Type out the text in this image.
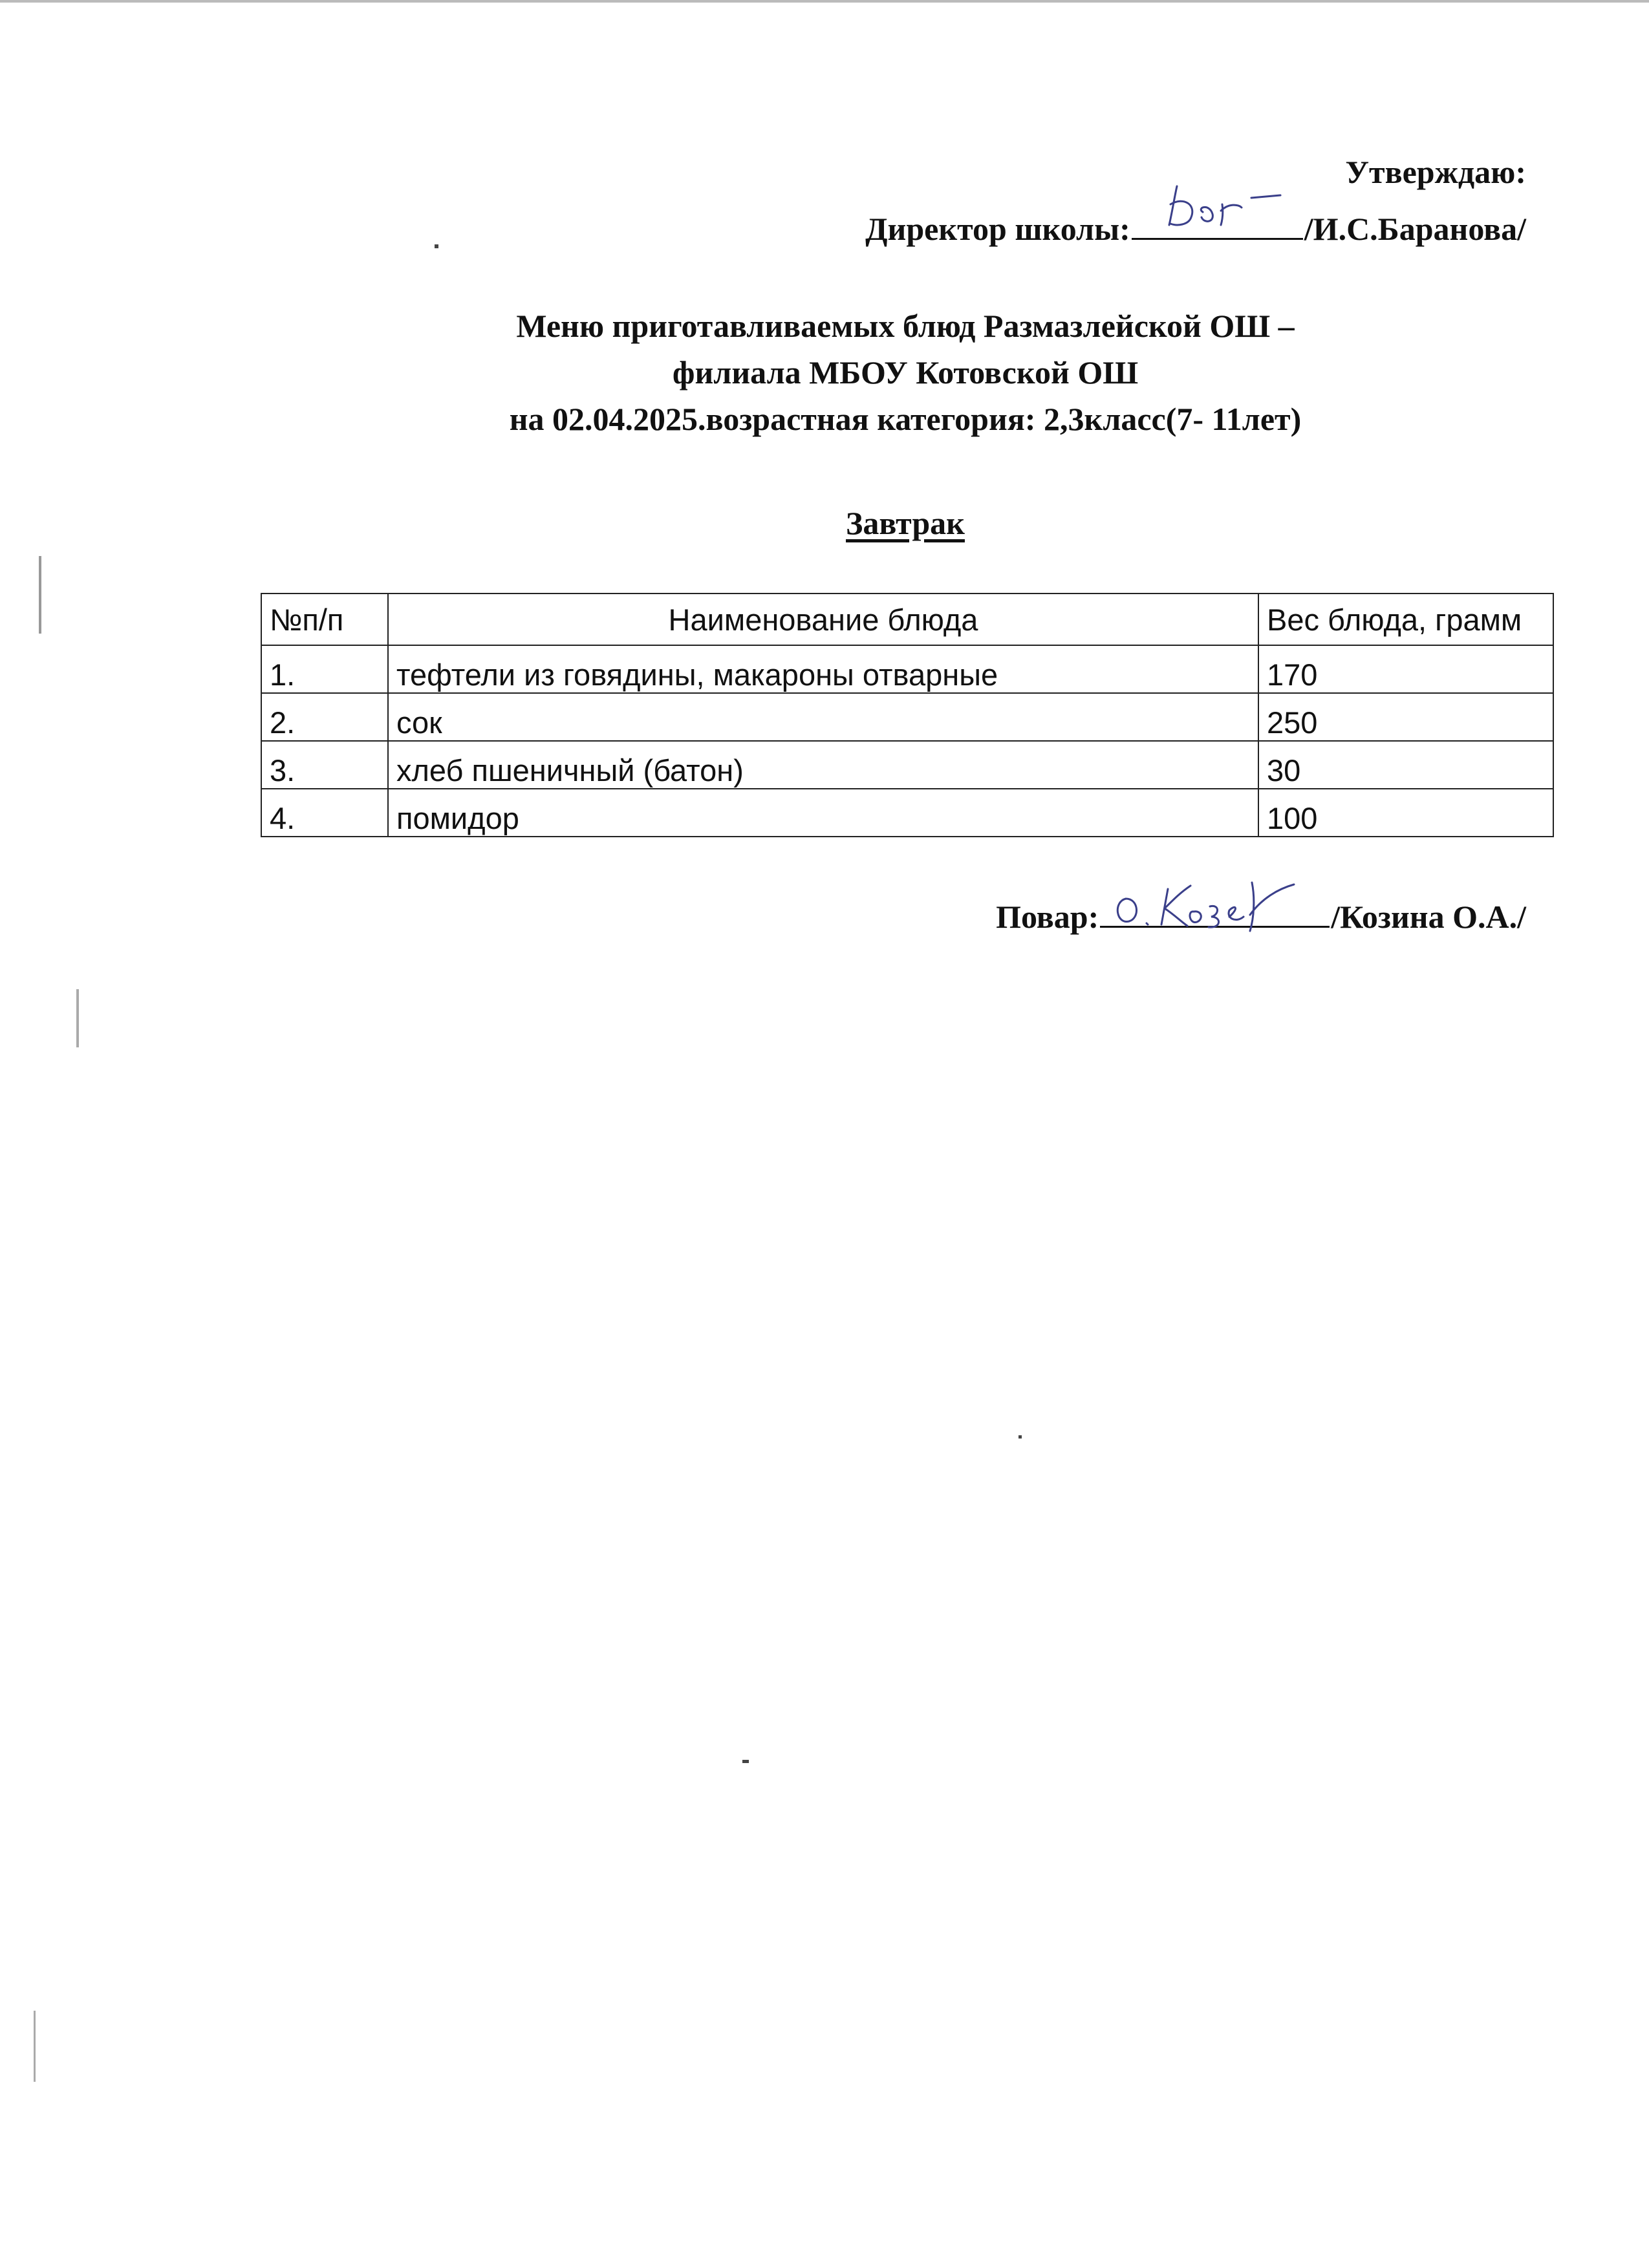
Утверждаю:
Директор школы:	/И.С.Баранова/
Меню приготавливаемых блюд Размазлейской ОШ –
филиала МБОУ Котовской ОШ
на 02.04.2025.возрастная категория: 2,3класс(7- 11лет)
Завтрак
№п/п	Наименование блюда	Вес блюда, грамм
1.	тефтели из говядины, макароны отварные	170
2.	сок	250
3.	хлеб пшеничный (батон)	30
4.	помидор	100
Повар:	/Козина О.А./
